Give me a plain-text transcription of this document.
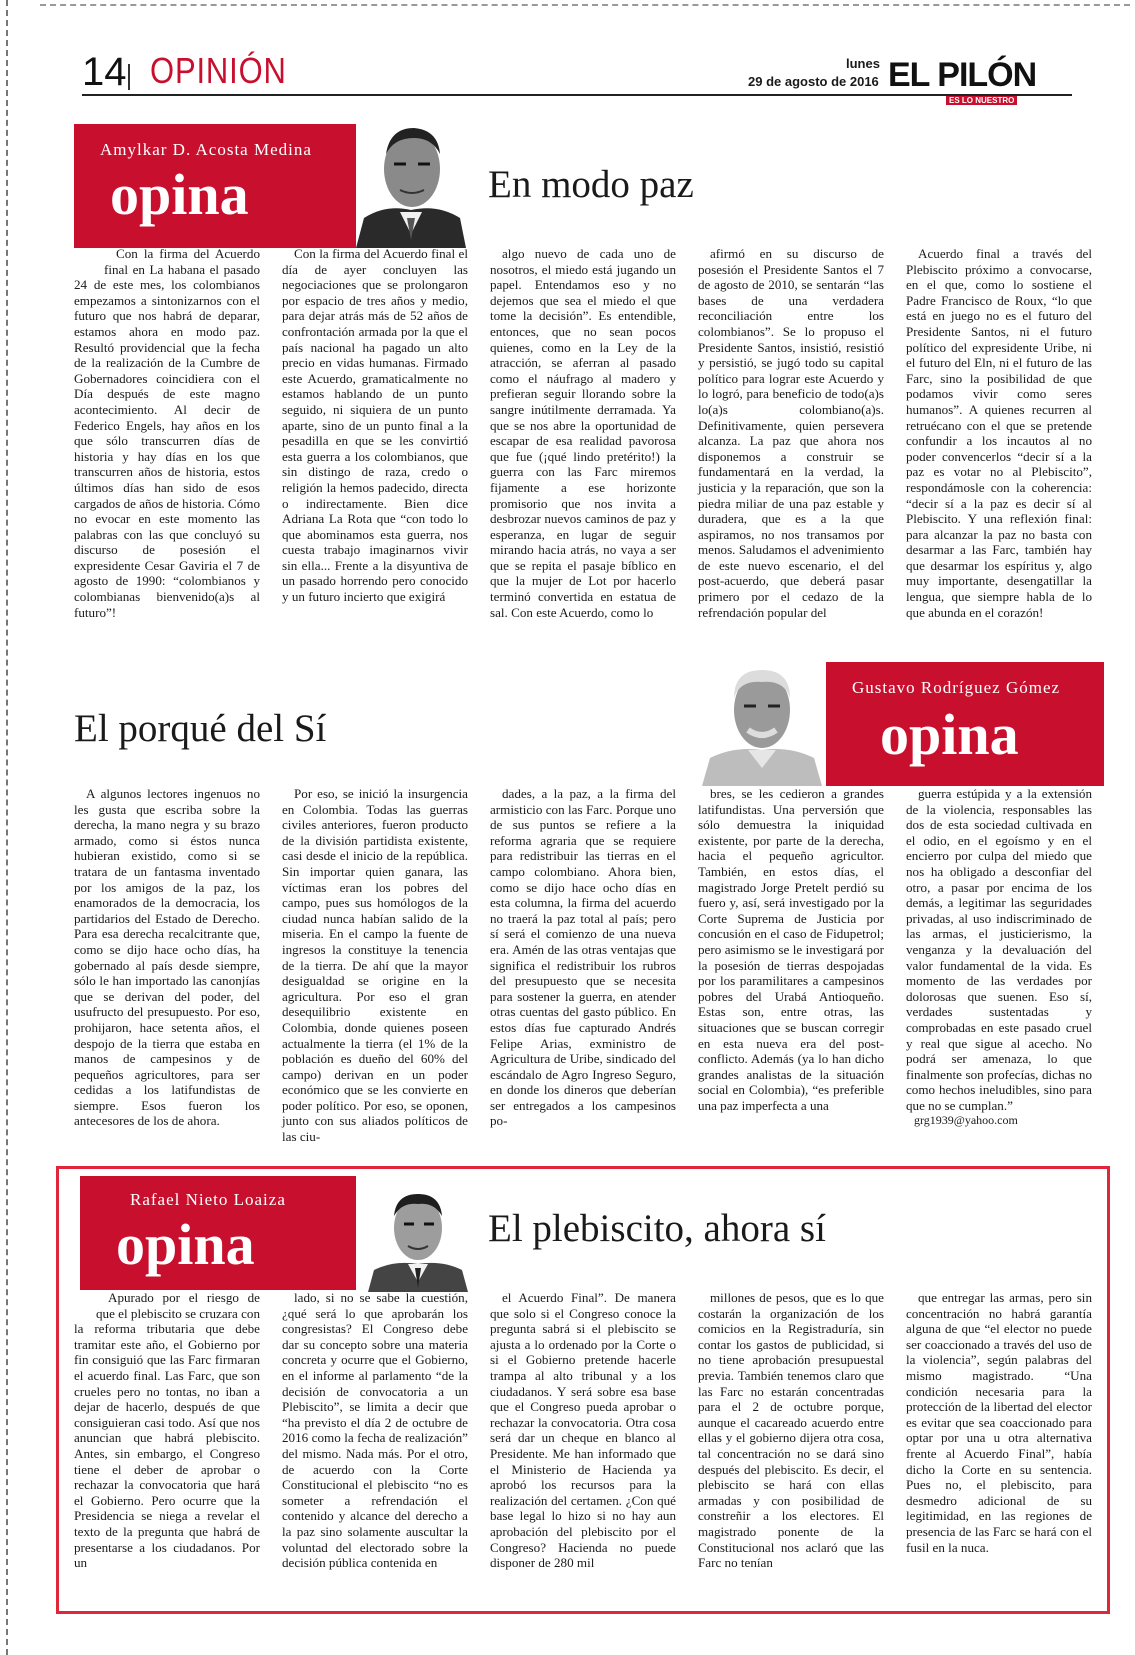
14 OPINIÓN	lunes
29 de agosto de 2016 EL PILÓN
ES LO NUESTRO
Amylkar D. Acosta Medina
opina	En modo paz

Con la firma del Acuerdo final en La habana el pasado 24 de este mes, los colombianos empezamos a sintonizarnos con el futuro que nos habrá de deparar, estamos ahora en modo paz. Resultó providencial que la fecha de la realización de la Cumbre de Gobernadores coincidiera con el Día después de este magno acontecimiento. Al decir de Federico Engels, hay años en los que sólo transcurren días de historia y hay días en los que transcurren años de historia, estos últimos días han sido de esos cargados de años de historia. Cómo no evocar en este momento las palabras con las que concluyó su discurso de posesión el expresidente Cesar Gaviria el 7 de agosto de 1990: “colombianos y colombianas bienvenido(a)s al futuro”!

Con la firma del Acuerdo final el día de ayer concluyen las negociaciones que se prolongaron por espacio de tres años y medio, para dejar atrás más de 52 años de confrontación armada por la que el país nacional ha pagado un alto precio en vidas humanas. Firmado este Acuerdo, gramaticalmente no estamos hablando de un punto seguido, ni siquiera de un punto aparte, sino de un punto final a la pesadilla en que se les convirtió esta guerra a los colombianos, que sin distingo de raza, credo o religión la hemos padecido, directa o indirectamente. Bien dice Adriana La Rota que “con todo lo que abominamos esta guerra, nos cuesta trabajo imaginarnos vivir sin ella... Frente a la disyuntiva de un pasado horrendo pero conocido y un futuro incierto que exigirá

algo nuevo de cada uno de nosotros, el miedo está jugando un papel. Entendamos eso y no dejemos que sea el miedo el que tome la decisión”. Es entendible, entonces, que no sean pocos quienes, como en la Ley de la atracción, se aferran al pasado como el náufrago al madero y prefieran seguir llorando sobre la sangre inútilmente derramada. Ya que se nos abre la oportunidad de escapar de esa realidad pavorosa que fue (¡qué lindo pretérito!) la guerra con las Farc miremos fijamente a ese horizonte promisorio que nos invita a desbrozar nuevos caminos de paz y esperanza, en lugar de seguir mirando hacia atrás, no vaya a ser que se repita el pasaje bíblico en que la mujer de Lot por hacerlo terminó convertida en estatua de sal. Con este Acuerdo, como lo

afirmó en su discurso de posesión el Presidente Santos el 7 de agosto de 2010, se sentarán “las bases de una verdadera reconciliación entre los colombianos”. Se lo propuso el Presidente Santos, insistió, resistió y persistió, se jugó todo su capital político para lograr este Acuerdo y lo logró, para beneficio de todo(a)s lo(a)s colombiano(a)s. Definitivamente, quien persevera alcanza. La paz que ahora nos disponemos a construir se fundamentará en la verdad, la justicia y la reparación, que son la piedra miliar de una paz estable y duradera, que es a la que aspiramos, no nos transamos por menos. Saludamos el advenimiento de este nuevo escenario, el del post-acuerdo, que deberá pasar primero por el cedazo de la refrendación popular del

Acuerdo final a través del Plebiscito próximo a convocarse, en el que, como lo sostiene el Padre Francisco de Roux, “lo que está en juego no es el futuro del Presidente Santos, ni el futuro político del expresidente Uribe, ni el futuro del Eln, ni el futuro de las Farc, sino la posibilidad de que podamos vivir como seres humanos”. A quienes recurren al retruécano con el que se pretende confundir a los incautos al no poder convencerlos “decir sí a la paz es votar no al Plebiscito”, respondámosle con la coherencia: “decir sí a la paz es decir sí al Plebiscito. Y una reflexión final: para alcanzar la paz no basta con desarmar a las Farc, también hay que desarmar los espíritus y, algo muy importante, desengatillar la lengua, que siempre habla de lo que abunda en el corazón!

El porqué del Sí
Gustavo Rodríguez Gómez
opina

A algunos lectores ingenuos no les gusta que escriba sobre la derecha, la mano negra y su brazo armado, como si éstos nunca hubieran existido, como si se tratara de un fantasma inventado por los amigos de la paz, los enamorados de la democracia, los partidarios del Estado de Derecho. Para esa derecha recalcitrante que, como se dijo hace ocho días, ha gobernado al país desde siempre, sólo le han importado las canonjías que se derivan del poder, del usufructo del presupuesto. Por eso, prohijaron, hace setenta años, el despojo de la tierra que estaba en manos de campesinos y de pequeños agricultores, para ser cedidas a los latifundistas de siempre. Esos fueron los antecesores de los de ahora.

Por eso, se inició la insurgencia en Colombia. Todas las guerras civiles anteriores, fueron producto de la división partidista existente, casi desde el inicio de la república. Sin importar quien ganara, las víctimas eran los pobres del campo, pues sus homólogos de la ciudad nunca habían salido de la miseria. En el campo la fuente de ingresos la constituye la tenencia de la tierra. De ahí que la mayor desigualdad se origine en la agricultura. Por eso el gran desequilibrio existente en Colombia, donde quienes poseen actualmente la tierra (el 1% de la población es dueño del 60% del campo) derivan en un poder económico que se les convierte en poder político. Por eso, se oponen, junto con sus aliados políticos de las ciu-

dades, a la paz, a la firma del armisticio con las Farc. Porque uno de sus puntos se refiere a la reforma agraria que se requiere para redistribuir las tierras en el campo colombiano. Ahora bien, como se dijo hace ocho días en esta columna, la firma del acuerdo no traerá la paz total al país; pero sí será el comienzo de una nueva era. Amén de las otras ventajas que significa el redistribuir los rubros del presupuesto que se necesita para sostener la guerra, en atender otras cuentas del gasto público. En estos días fue capturado Andrés Felipe Arias, exministro de Agricultura de Uribe, sindicado del escándalo de Agro Ingreso Seguro, en donde los dineros que deberían ser entregados a los campesinos po-

bres, se les cedieron a grandes latifundistas. Una perversión que sólo demuestra la iniquidad existente, por parte de la derecha, hacia el pequeño agricultor. También, en estos días, el magistrado Jorge Pretelt perdió su fuero y, así, será investigado por la Corte Suprema de Justicia por concusión en el caso de Fidupetrol; pero asimismo se le investigará por la posesión de tierras despojadas por los paramilitares a campesinos pobres del Urabá Antioqueño. Estas son, entre otras, las situaciones que se buscan corregir en esta nueva era del post-conflicto. Además (ya lo han dicho grandes analistas de la situación social en Colombia), “es preferible una paz imperfecta a una

guerra estúpida y a la extensión de la violencia, responsables las dos de esta sociedad cultivada en el odio, en el egoísmo y en el encierro por culpa del miedo que nos ha obligado a desconfiar del otro, a pasar por encima de los demás, a legitimar las seguridades privadas, al uso indiscriminado de las armas, el justicierismo, la venganza y la devaluación del valor fundamental de la vida. Es momento de las verdades por dolorosas que suenen. Eso sí, verdades sustentadas y comprobadas en este pasado cruel y real que sigue al acecho. No podrá ser amenaza, lo que finalmente son profecías, dichas no como hechos ineludibles, sino para que no se cumplan.”

grg1939@yahoo.com
Rafael Nieto Loaiza
opina	El plebiscito, ahora sí

Apurado por el riesgo de que el plebiscito se cruzara con la reforma tributaria que debe tramitar este año, el Gobierno por fin consiguió que las Farc firmaran el acuerdo final. Las Farc, que son crueles pero no tontas, no iban a dejar de hacerlo, después de que consiguieran casi todo. Así que nos anuncian que habrá plebiscito. Antes, sin embargo, el Congreso tiene el deber de aprobar o rechazar la convocatoria que hará el Gobierno. Pero ocurre que la Presidencia se niega a revelar el texto de la pregunta que habrá de presentarse a los ciudadanos. Por un

lado, si no se sabe la cuestión, ¿qué será lo que aprobarán los congresistas? El Congreso debe dar su concepto sobre una materia concreta y ocurre que el Gobierno, en el informe al parlamento “de la decisión de convocatoria a un Plebiscito”, se limita a decir que “ha previsto el día 2 de octubre de 2016 como la fecha de realización” del mismo. Nada más. Por el otro, de acuerdo con la Corte Constitucional el plebiscito “no es someter a refrendación el contenido y alcance del derecho a la paz sino solamente auscultar la voluntad del electorado sobre la decisión pública contenida en

el Acuerdo Final”. De manera que solo si el Congreso conoce la pregunta sabrá si el plebiscito se ajusta a lo ordenado por la Corte o si el Gobierno pretende hacerle trampa al alto tribunal y a los ciudadanos. Y será sobre esa base que el Congreso pueda aprobar o rechazar la convocatoria. Otra cosa será dar un cheque en blanco al Presidente. Me han informado que el Ministerio de Hacienda ya aprobó los recursos para la realización del certamen. ¿Con qué base legal lo hizo si no hay aun aprobación del plebiscito por el Congreso? Hacienda no puede disponer de 280 mil

millones de pesos, que es lo que costarán la organización de los comicios en la Registraduría, sin contar los gastos de publicidad, si no tiene aprobación presupuestal previa. También tenemos claro que las Farc no estarán concentradas para el 2 de octubre porque, aunque el cacareado acuerdo entre ellas y el gobierno dijera otra cosa, tal concentración no se dará sino después del plebiscito. Es decir, el plebiscito se hará con ellas armadas y con posibilidad de constreñir a los electores. El magistrado ponente de la Constitucional nos aclaró que las Farc no tenían

que entregar las armas, pero sin concentración no habrá garantía alguna de que “el elector no puede ser coaccionado a través del uso de la violencia”, según palabras del mismo magistrado. “Una condición necesaria para la protección de la libertad del elector es evitar que sea coaccionado para optar por una u otra alternativa frente al Acuerdo Final”, había dicho la Corte en su sentencia. Pues no, el plebiscito, para desmedro adicional de su legitimidad, en las regiones de presencia de las Farc se hará con el fusil en la nuca.
